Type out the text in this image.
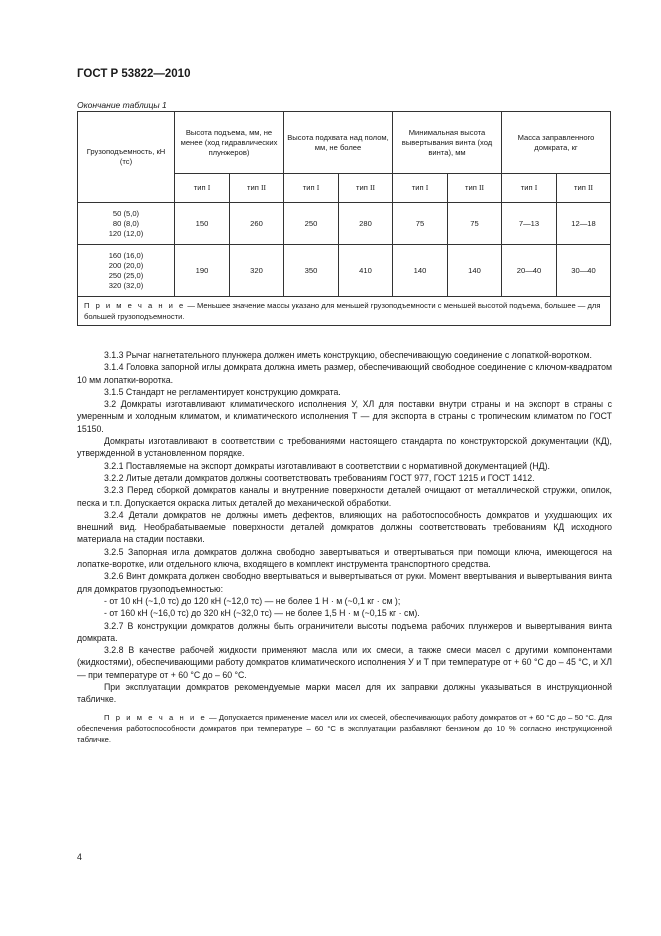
ГОСТ Р 53822—2010
Окончание таблицы 1
Грузоподъемность, кН (тс)	Высота подъема, мм, не менее (ход гидравлических плунжеров)		Высота подхвата над полом, мм, не более		Минимальная высота вывертывания винта (ход винта), мм		Масса заправленного домкрата, кг	
	тип I	тип II	тип I	тип II	тип I	тип II	тип I	тип II

50 (5,0)
80 (8,0)
120 (12,0)	150	260	250	280	75	75	7—13	12—18

160 (16,0)
200 (20,0)
250 (25,0)
320 (32,0)	190	320	350	410	140	140	20—40	30—40
П р и м е ч а н и е — Меньшее значение массы указано для меньшей грузоподъемности с меньшей высотой подъема, большее — для большей грузоподъемности.								

3.1.3 Рычаг нагнетательного плунжера должен иметь конструкцию, обеспечивающую соединение с лопаткой-воротком.

3.1.4 Головка запорной иглы домкрата должна иметь размер, обеспечивающий свободное соединение с ключом-квадратом 10 мм лопатки-воротка.

3.1.5 Стандарт не регламентирует конструкцию домкрата.

3.2 Домкраты изготавливают климатического исполнения У, ХЛ для поставки внутри страны и на экспорт в страны с умеренным и холодным климатом, и климатического исполнения Т — для экспорта в страны с тропическим климатом по ГОСТ 15150.

Домкраты изготавливают в соответствии с требованиями настоящего стандарта по конструкторской документации (КД), утвержденной в установленном порядке.

3.2.1 Поставляемые на экспорт домкраты изготавливают в соответствии с нормативной документацией (НД).

3.2.2 Литые детали домкратов должны соответствовать требованиям ГОСТ 977, ГОСТ 1215 и ГОСТ 1412.

3.2.3 Перед сборкой домкратов каналы и внутренние поверхности деталей очищают от металлической стружки, опилок, песка и т.п. Допускается окраска литых деталей до механической обработки.

3.2.4 Детали домкратов не должны иметь дефектов, влияющих на работоспособность домкратов и ухудшающих их внешний вид. Необрабатываемые поверхности деталей домкратов должны соответствовать требованиям КД исходного материала на стадии поставки.

3.2.5 Запорная игла домкратов должна свободно завертываться и отвертываться при помощи ключа, имеющегося на лопатке-воротке, или отдельного ключа, входящего в комплект инструмента транспортного средства.

3.2.6 Винт домкрата должен свободно ввертываться и вывертываться от руки. Момент ввертывания и вывертывания винта для домкратов грузоподъемностью:

- от 10 кН (~1,0 тс) до 120 кН (~12,0 тс) — не более 1 Н · м (~0,1 кг · см );

- от 160 кН (~16,0 тс) до 320 кН (~32,0 тс) — не более 1,5 Н · м (~0,15 кг · см).

3.2.7 В конструкции домкратов должны быть ограничители высоты подъема рабочих плунжеров и вывертывания винта домкрата.

3.2.8 В качестве рабочей жидкости применяют масла или их смеси, а также смеси масел с другими компонентами (жидкостями), обеспечивающими работу домкратов климатического исполнения У и Т при температуре от + 60 °С до – 45 °С, и ХЛ — при температуре от + 60 °С до – 60 °С.

При эксплуатации домкратов рекомендуемые марки масел для их заправки должны указываться в инструкционной табличке.

П р и м е ч а н и е — Допускается применение масел или их смесей, обеспечивающих работу домкратов от + 60 °С до – 50 °С. Для обеспечения работоспособности домкратов при температуре – 60 °С в эксплуатации разбавляют бензином до 10 % согласно инструкционной табличке.

4
